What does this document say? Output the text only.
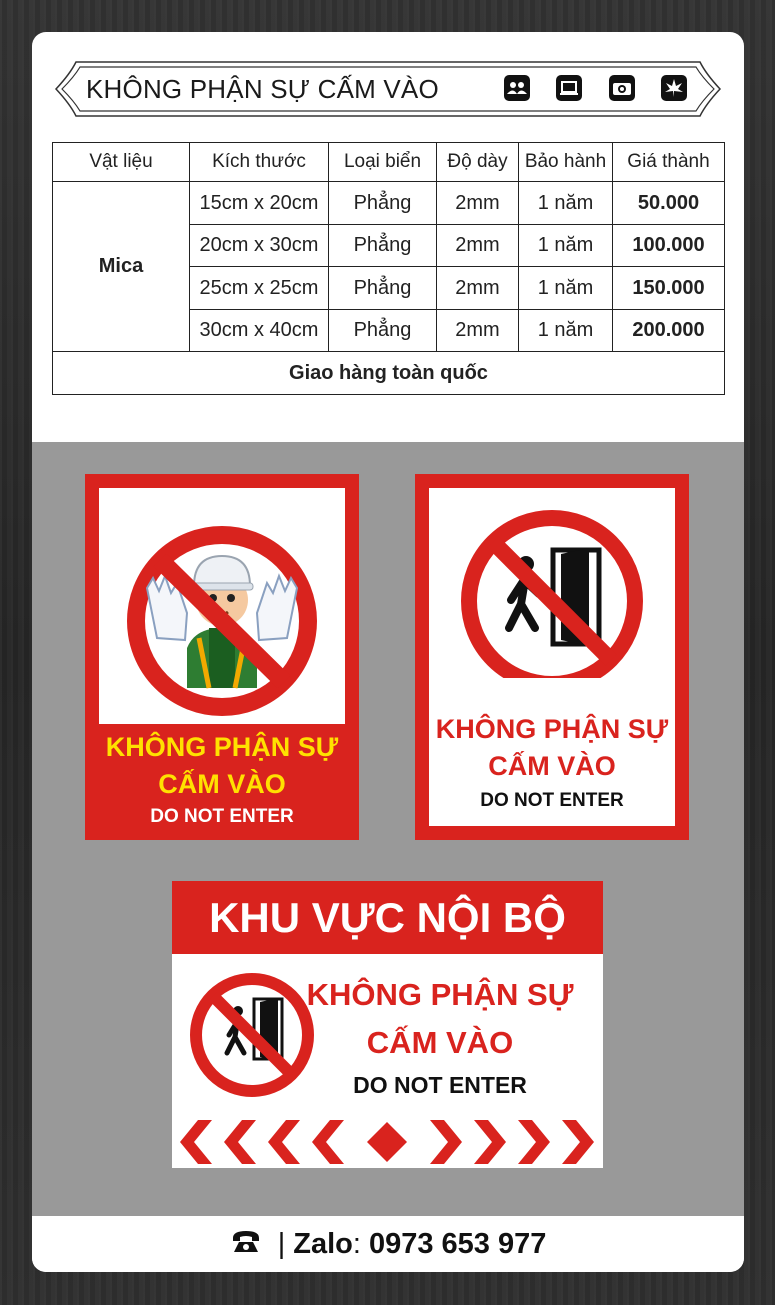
KHÔNG PHẬN SỰ CẤM VÀO
Vật liệu	Kích thước	Loại biển	Độ dày	Bảo hành	Giá thành
Mica	15cm x 20cm	Phẳng	2mm	1 năm	50.000
	20cm x 30cm	Phẳng	2mm	1 năm	100.000
	25cm x 25cm	Phẳng	2mm	1 năm	150.000
	30cm x 40cm	Phẳng	2mm	1 năm	200.000
Giao hàng toàn quốc					
KHÔNG PHẬN SỰ
CẤM VÀO
DO NOT ENTER
KHÔNG PHẬN SỰ
CẤM VÀO
DO NOT ENTER
KHU VỰC NỘI BỘ
KHÔNG PHẬN SỰ
CẤM VÀO
DO NOT ENTER
| Zalo: 0973 653 977
